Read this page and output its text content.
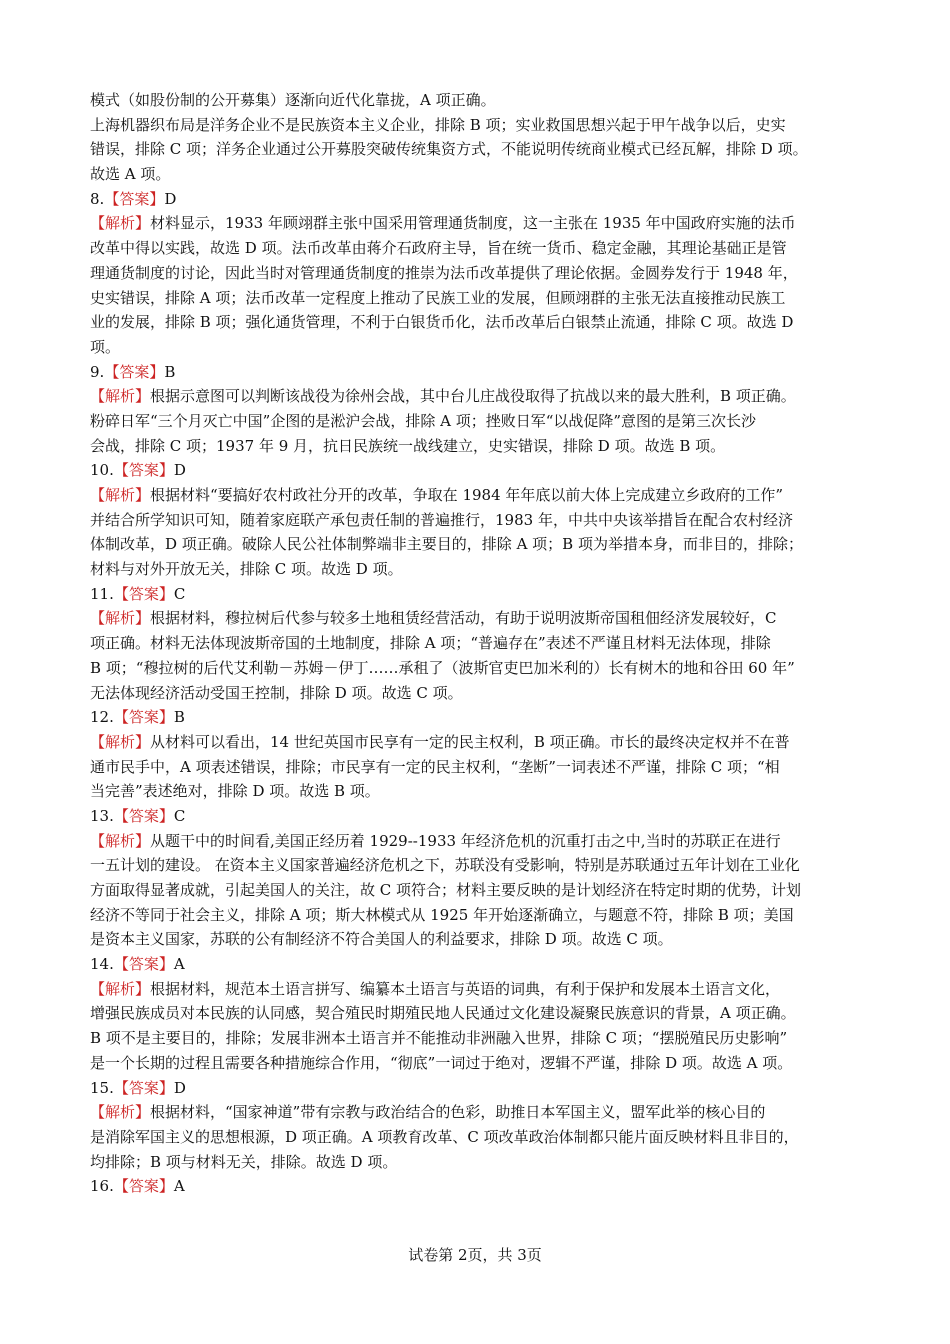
模式（如股份制的公开募集）逐渐向近代化靠拢，A 项正确。
上海机器织布局是洋务企业不是民族资本主义企业，排除 B 项；实业救国思想兴起于甲午战争以后，史实
错误，排除 C 项；洋务企业通过公开募股突破传统集资方式，不能说明传统商业模式已经瓦解，排除 D 项。
故选 A 项。
8.【答案】D
【解析】材料显示，1933 年顾翊群主张中国采用管理通货制度，这一主张在 1935 年中国政府实施的法币
改革中得以实践，故选 D 项。法币改革由蒋介石政府主导，旨在统一货币、稳定金融，其理论基础正是管
理通货制度的讨论，因此当时对管理通货制度的推崇为法币改革提供了理论依据。金圆券发行于 1948 年，
史实错误，排除 A 项；法币改革一定程度上推动了民族工业的发展，但顾翊群的主张无法直接推动民族工
业的发展，排除 B 项；强化通货管理，不利于白银货币化，法币改革后白银禁止流通，排除 C 项。故选 D
项。
9.【答案】B
【解析】根据示意图可以判断该战役为徐州会战，其中台儿庄战役取得了抗战以来的最大胜利，B 项正确。
粉碎日军“三个月灭亡中国”企图的是淞沪会战，排除 A 项；挫败日军“以战促降”意图的是第三次长沙
会战，排除 C 项；1937 年 9 月，抗日民族统一战线建立，史实错误，排除 D 项。故选 B 项。
10.【答案】D
【解析】根据材料“要搞好农村政社分开的改革，争取在 1984 年年底以前大体上完成建立乡政府的工作”
并结合所学知识可知，随着家庭联产承包责任制的普遍推行，1983 年，中共中央该举措旨在配合农村经济
体制改革，D 项正确。破除人民公社体制弊端非主要目的，排除 A 项；B 项为举措本身，而非目的，排除；
材料与对外开放无关，排除 C 项。故选 D 项。
11.【答案】C
【解析】根据材料，穆拉树后代参与较多土地租赁经营活动，有助于说明波斯帝国租佃经济发展较好，C
项正确。材料无法体现波斯帝国的土地制度，排除 A 项；“普遍存在”表述不严谨且材料无法体现，排除
B 项；“穆拉树的后代艾利勒－苏姆－伊丁……承租了（波斯官吏巴加米利的）长有树木的地和谷田 60 年”
无法体现经济活动受国王控制，排除 D 项。故选 C 项。
12.【答案】B
【解析】从材料可以看出，14 世纪英国市民享有一定的民主权利，B 项正确。市长的最终决定权并不在普
通市民手中，A 项表述错误，排除；市民享有一定的民主权利，“垄断”一词表述不严谨，排除 C 项；“相
当完善”表述绝对，排除 D 项。故选 B 项。
13.【答案】C
【解析】从题干中的时间看,美国正经历着 1929--1933 年经济危机的沉重打击之中,当时的苏联正在进行
一五计划的建设。 在资本主义国家普遍经济危机之下，苏联没有受影响，特别是苏联通过五年计划在工业化
方面取得显著成就，引起美国人的关注，故 C 项符合；材料主要反映的是计划经济在特定时期的优势，计划
经济不等同于社会主义，排除 A 项；斯大林模式从 1925 年开始逐渐确立，与题意不符，排除 B 项；美国
是资本主义国家，苏联的公有制经济不符合美国人的利益要求，排除 D 项。故选 C 项。
14.【答案】A
【解析】根据材料，规范本土语言拼写、编纂本土语言与英语的词典，有利于保护和发展本土语言文化，
增强民族成员对本民族的认同感，契合殖民时期殖民地人民通过文化建设凝聚民族意识的背景，A 项正确。
B 项不是主要目的，排除；发展非洲本土语言并不能推动非洲融入世界，排除 C 项；“摆脱殖民历史影响”
是一个长期的过程且需要各种措施综合作用，“彻底”一词过于绝对，逻辑不严谨，排除 D 项。故选 A 项。
15.【答案】D
【解析】根据材料，“国家神道”带有宗教与政治结合的色彩，助推日本军国主义，盟军此举的核心目的
是消除军国主义的思想根源，D 项正确。A 项教育改革、C 项改革政治体制都只能片面反映材料且非目的，
均排除；B 项与材料无关，排除。故选 D 项。
16.【答案】A
试卷第 2页，共 3页
